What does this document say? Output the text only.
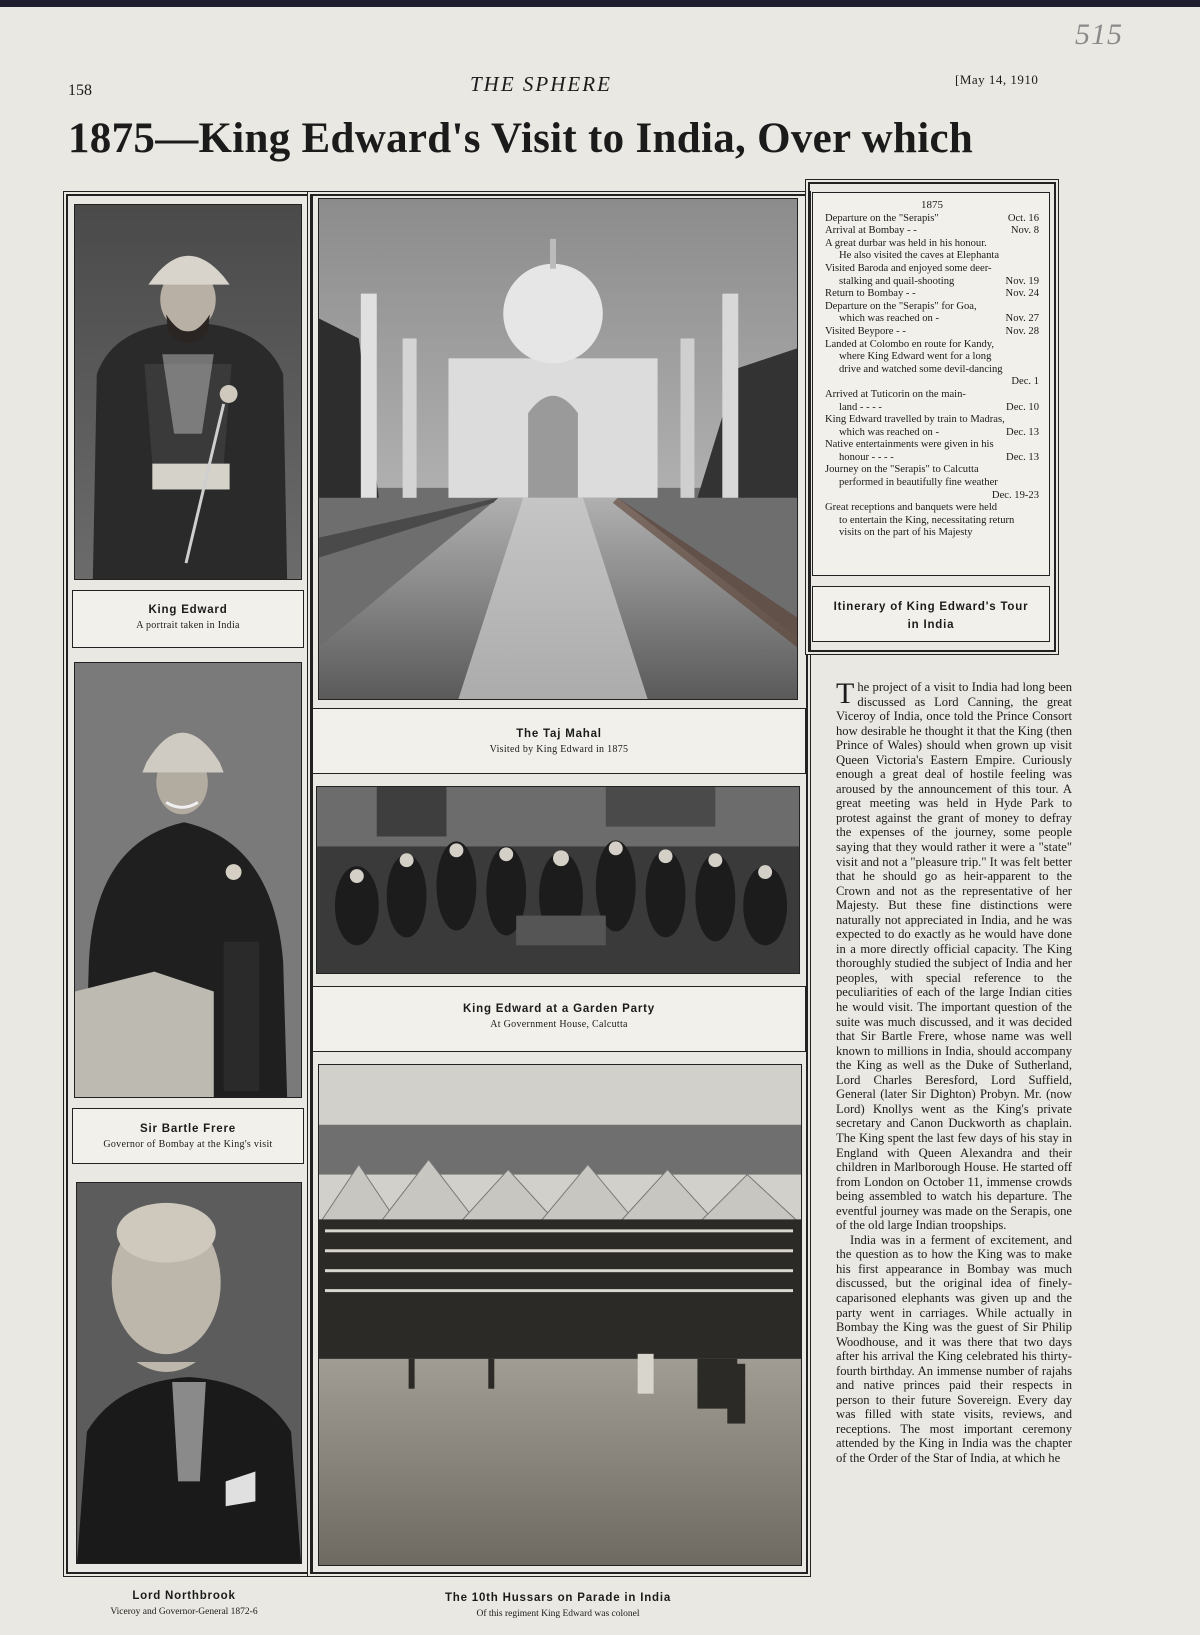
515
158	THE SPHERE	[May 14, 1910
1875—King Edward's Visit to India, Over which
King Edward
A portrait taken in India
The Taj Mahal
Visited by King Edward in 1875
1875
Departure on the "Serapis"	Oct. 16
Arrival at Bombay - -	Nov. 8
A great durbar was held in his honour.
He also visited the caves at Elephanta
Visited Baroda and enjoyed some deer-
stalking and quail-shooting	Nov. 19
Return to Bombay - -	Nov. 24
Departure on the "Serapis" for Goa,
which was reached on -	Nov. 27
Visited Beypore - -	Nov. 28
Landed at Colombo en route for Kandy,
where King Edward went for a long
drive and watched some devil-dancing
Dec. 1
Arrived at Tuticorin on the main-
land - - - -	Dec. 10
King Edward travelled by train to Madras,
which was reached on -	Dec. 13
Native entertainments were given in his
honour - - - -	Dec. 13
Journey on the "Serapis" to Calcutta
performed in beautifully fine weather
Dec. 19-23
Great receptions and banquets were held
to entertain the King, necessitating return
visits on the part of his Majesty
Itinerary of King Edward's Tour in India
Sir Bartle Frere
Governor of Bombay at the King's visit
King Edward at a Garden Party
At Government House, Calcutta
Lord Northbrook
Viceroy and Governor-General 1872-6
The 10th Hussars on Parade in India
Of this regiment King Edward was colonel

The project of a visit to India had long been discussed as Lord Canning, the great Viceroy of India, once told the Prince Consort how desirable he thought it that the King (then Prince of Wales) should when grown up visit Queen Victoria's Eastern Empire. Curiously enough a great deal of hostile feeling was aroused by the announcement of this tour. A great meeting was held in Hyde Park to protest against the grant of money to defray the expenses of the journey, some people saying that they would rather it were a "state" visit and not a "pleasure trip." It was felt better that he should go as heir-apparent to the Crown and not as the representative of her Majesty. But these fine distinctions were naturally not appreciated in India, and he was expected to do exactly as he would have done in a more directly official capacity. The King thoroughly studied the subject of India and her peoples, with special reference to the peculiarities of each of the large Indian cities he would visit. The important question of the suite was much discussed, and it was decided that Sir Bartle Frere, whose name was well known to millions in India, should accompany the King as well as the Duke of Sutherland, Lord Charles Beresford, Lord Suffield, General (later Sir Dighton) Probyn. Mr. (now Lord) Knollys went as the King's private secretary and Canon Duckworth as chaplain. The King spent the last few days of his stay in England with Queen Alexandra and their children in Marlborough House. He started off from London on October 11, immense crowds being assembled to watch his departure. The eventful journey was made on the Serapis, one of the old large Indian troopships.

India was in a ferment of excitement, and the question as to how the King was to make his first appearance in Bombay was much discussed, but the original idea of finely-caparisoned elephants was given up and the party went in carriages. While actually in Bombay the King was the guest of Sir Philip Woodhouse, and it was there that two days after his arrival the King celebrated his thirty-fourth birthday. An immense number of rajahs and native princes paid their respects in person to their future Sovereign. Every day was filled with state visits, reviews, and receptions. The most important ceremony attended by the King in India was the chapter of the Order of the Star of India, at which he
